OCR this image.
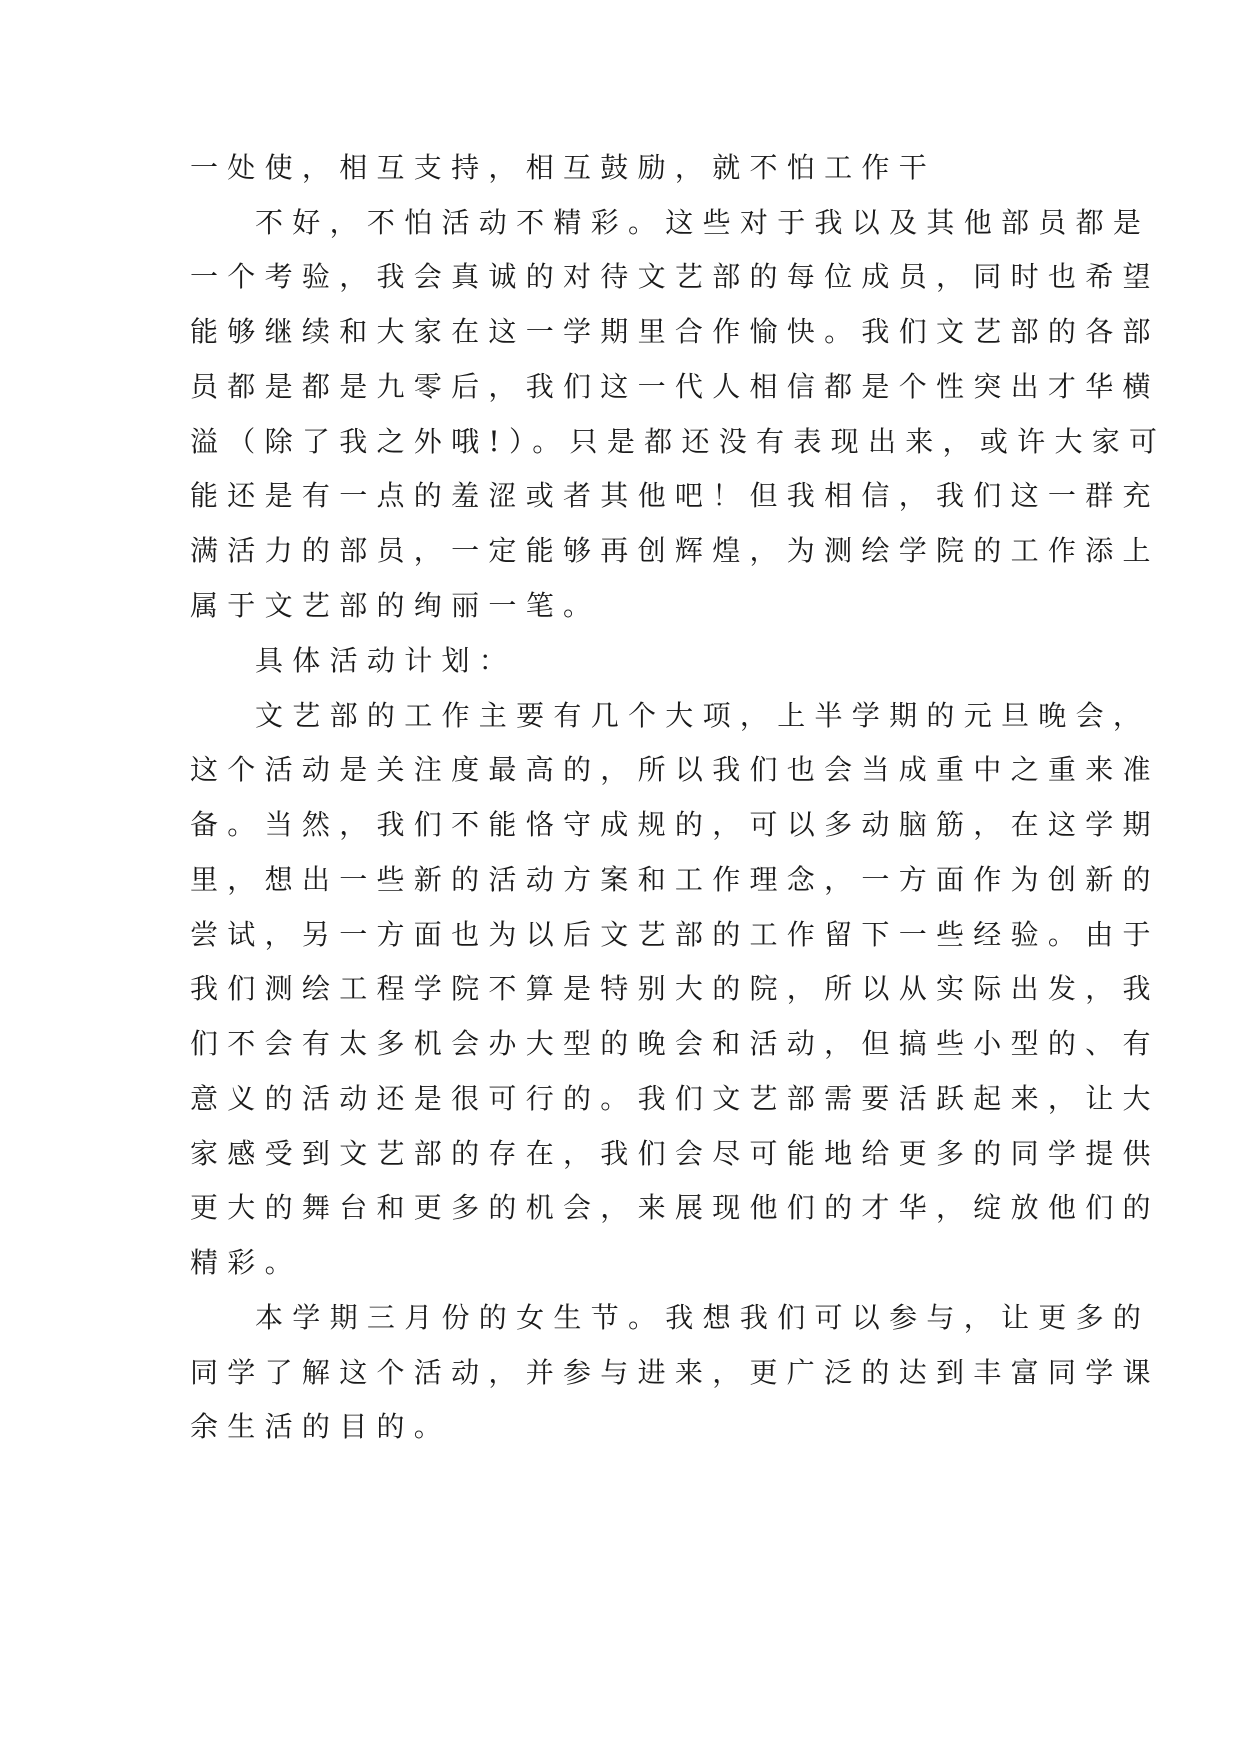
一处使，相互支持，相互鼓励，就不怕工作干
不好，不怕活动不精彩。这些对于我以及其他部员都是
一个考验，我会真诚的对待文艺部的每位成员，同时也希望
能够继续和大家在这一学期里合作愉快。我们文艺部的各部
员都是都是九零后，我们这一代人相信都是个性突出才华横
溢（除了我之外哦!）。只是都还没有表现出来，或许大家可
能还是有一点的羞涩或者其他吧！但我相信，我们这一群充
满活力的部员，一定能够再创辉煌，为测绘学院的工作添上
属于文艺部的绚丽一笔。
具体活动计划：
文艺部的工作主要有几个大项，上半学期的元旦晚会，
这个活动是关注度最高的，所以我们也会当成重中之重来准
备。当然，我们不能恪守成规的，可以多动脑筋，在这学期
里，想出一些新的活动方案和工作理念，一方面作为创新的
尝试，另一方面也为以后文艺部的工作留下一些经验。由于
我们测绘工程学院不算是特别大的院，所以从实际出发，我
们不会有太多机会办大型的晚会和活动，但搞些小型的、有
意义的活动还是很可行的。我们文艺部需要活跃起来，让大
家感受到文艺部的存在，我们会尽可能地给更多的同学提供
更大的舞台和更多的机会，来展现他们的才华，绽放他们的
精彩。
本学期三月份的女生节。我想我们可以参与，让更多的
同学了解这个活动，并参与进来，更广泛的达到丰富同学课
余生活的目的。
